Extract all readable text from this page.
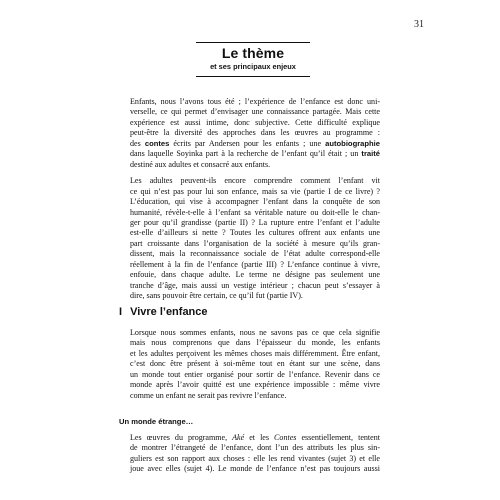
31
Le thème
et ses principaux enjeux

Enfants, nous l’avons tous été ; l’expérience de l’enfance est donc uni-
verselle, ce qui permet d’envisager une connaissance partagée. Mais cette
expérience est aussi intime, donc subjective. Cette difficulté explique
peut-être la diversité des approches dans les œuvres au programme :
des contes écrits par Andersen pour les enfants ; une autobiographie
dans laquelle Soyinka part à la recherche de l’enfant qu’il était ; un traité
destiné aux adultes et consacré aux enfants.

Les adultes peuvent-ils encore comprendre comment l’enfant vit
ce qui n’est pas pour lui son enfance, mais sa vie (partie I de ce livre) ?
L’éducation, qui vise à accompagner l’enfant dans la conquête de son
humanité, révèle-t-elle à l’enfant sa véritable nature ou doit-elle le chan-
ger pour qu’il grandisse (partie II) ? La rupture entre l’enfant et l’adulte
est-elle d’ailleurs si nette ? Toutes les cultures offrent aux enfants une
part croissante dans l’organisation de la société à mesure qu’ils gran-
dissent, mais la reconnaissance sociale de l’état adulte correspond-elle
réellement à la fin de l’enfance (partie III) ? L’enfance continue à vivre,
enfouie, dans chaque adulte. Le terme ne désigne pas seulement une
tranche d’âge, mais aussi un vestige intérieur ; chacun peut s’essayer à
dire, sans pouvoir être certain, ce qu’il fut (partie IV).

I Vivre l’enfance

Lorsque nous sommes enfants, nous ne savons pas ce que cela signifie
mais nous comprenons que dans l’épaisseur du monde, les enfants
et les adultes perçoivent les mêmes choses mais différemment. Être enfant,
c’est donc être présent à soi-même tout en étant sur une scène, dans
un monde tout entier organisé pour sortir de l’enfance. Revenir dans ce
monde après l’avoir quitté est une expérience impossible : même vivre
comme un enfant ne serait pas revivre l’enfance.

Un monde étrange…

Les œuvres du programme, Aké et les Contes essentiellement, tentent
de montrer l’étrangeté de l’enfance, dont l’un des attributs les plus sin-
guliers est son rapport aux choses : elle les rend vivantes (sujet 3) et elle
joue avec elles (sujet 4). Le monde de l’enfance n’est pas toujours aussi
